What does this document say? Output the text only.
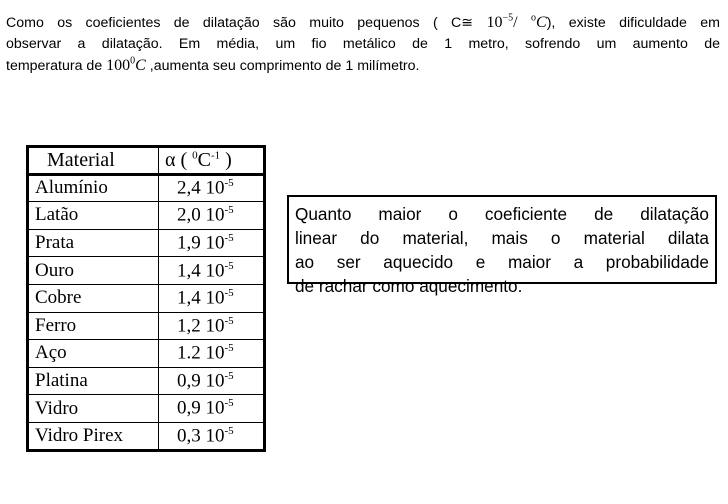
Como os coeficientes de dilatação são muito pequenos ( C≅ $10^{-5}/$ $^o$C), existe dificuldade em
observar a dilatação. Em média, um fio metálico de 1 metro, sofrendo um aumento de
temperatura de $100^0C$ ,aumenta seu comprimento de 1 milímetro.
Material	α ( $^0C^{-1}$ )
Alumínio	2,4 $10^{-5}$
Latão	2,0 $10^{-5}$
Prata	1,9 $10^{-5}$
Ouro	1,4 $10^{-5}$
Cobre	1,4 $10^{-5}$
Ferro	1,2 $10^{-5}$
Aço	1.2 $10^{-5}$
Platina	0,9 $10^{-5}$
Vidro	0,9 $10^{-5}$
Vidro Pirex	0,3 $10^{-5}$
Quanto maior o coeficiente de dilatação
linear do material, mais o material dilata
ao ser aquecido e maior a probabilidade
de rachar como aquecimento.
